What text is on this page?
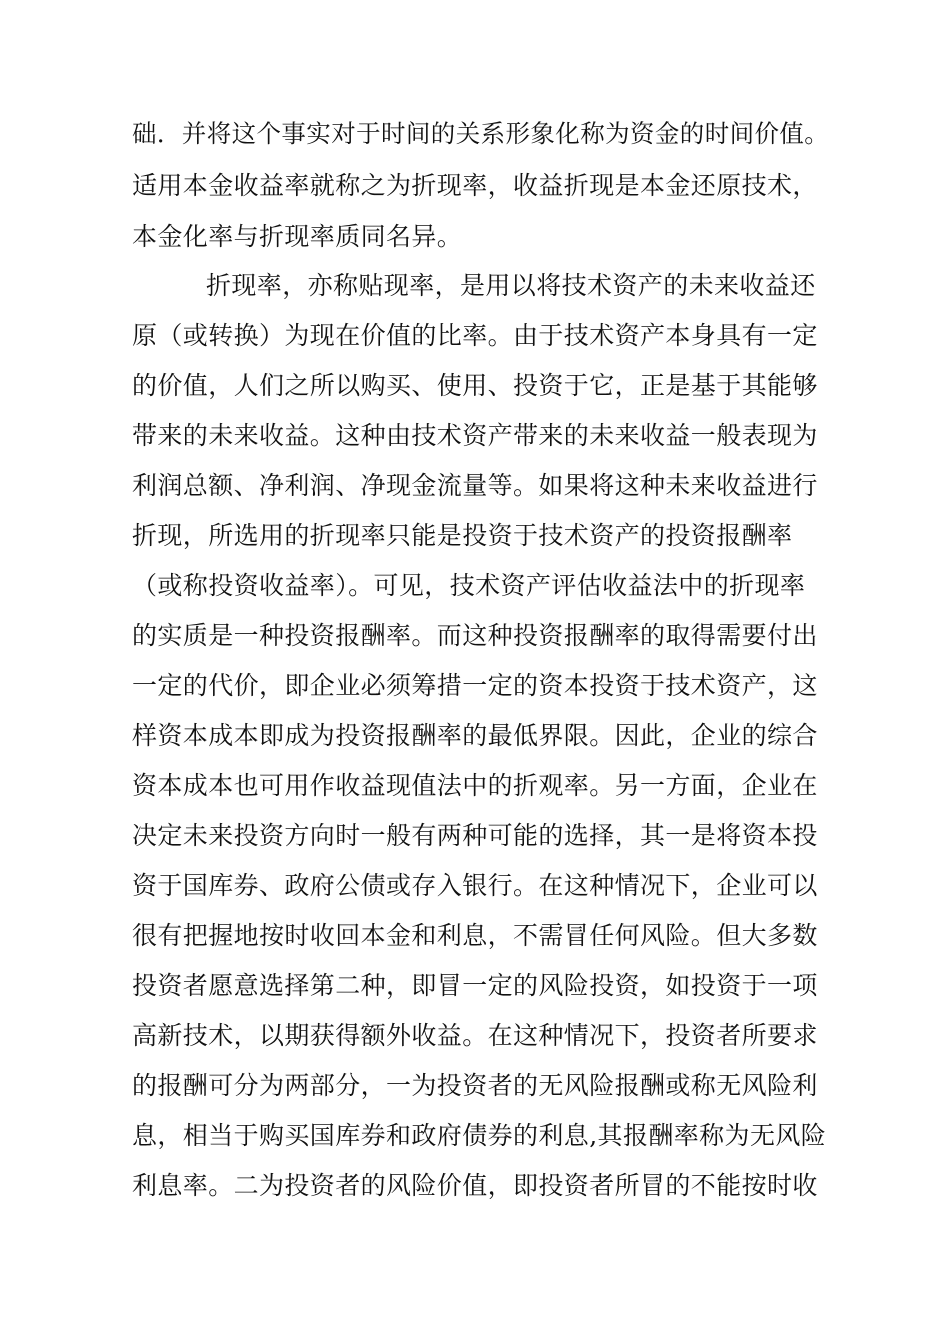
础．并将这个事实对于时间的关系形象化称为资金的时间价值。
适用本金收益率就称之为折现率，收益折现是本金还原技术，
本金化率与折现率质同名异。
折现率，亦称贴现率，是用以将技术资产的未来收益还
原（或转换）为现在价值的比率。由于技术资产本身具有一定
的价值，人们之所以购买、使用、投资于它，正是基于其能够
带来的未来收益。这种由技术资产带来的未来收益一般表现为
利润总额、净利润、净现金流量等。如果将这种未来收益进行
折现，所选用的折现率只能是投资于技术资产的投资报酬率
（或称投资收益率）。可见，技术资产评估收益法中的折现率
的实质是一种投资报酬率。而这种投资报酬率的取得需要付出
一定的代价，即企业必须筹措一定的资本投资于技术资产，这
样资本成本即成为投资报酬率的最低界限。因此，企业的综合
资本成本也可用作收益现值法中的折观率。另一方面，企业在
决定未来投资方向时一般有两种可能的选择，其一是将资本投
资于国库券、政府公债或存入银行。在这种情况下，企业可以
很有把握地按时收回本金和利息，不需冒任何风险。但大多数
投资者愿意选择第二种，即冒一定的风险投资，如投资于一项
高新技术，以期获得额外收益。在这种情况下，投资者所要求
的报酬可分为两部分，一为投资者的无风险报酬或称无风险利
息，相当于购买国库券和政府债券的利息,其报酬率称为无风险
利息率。二为投资者的风险价值，即投资者所冒的不能按时收
